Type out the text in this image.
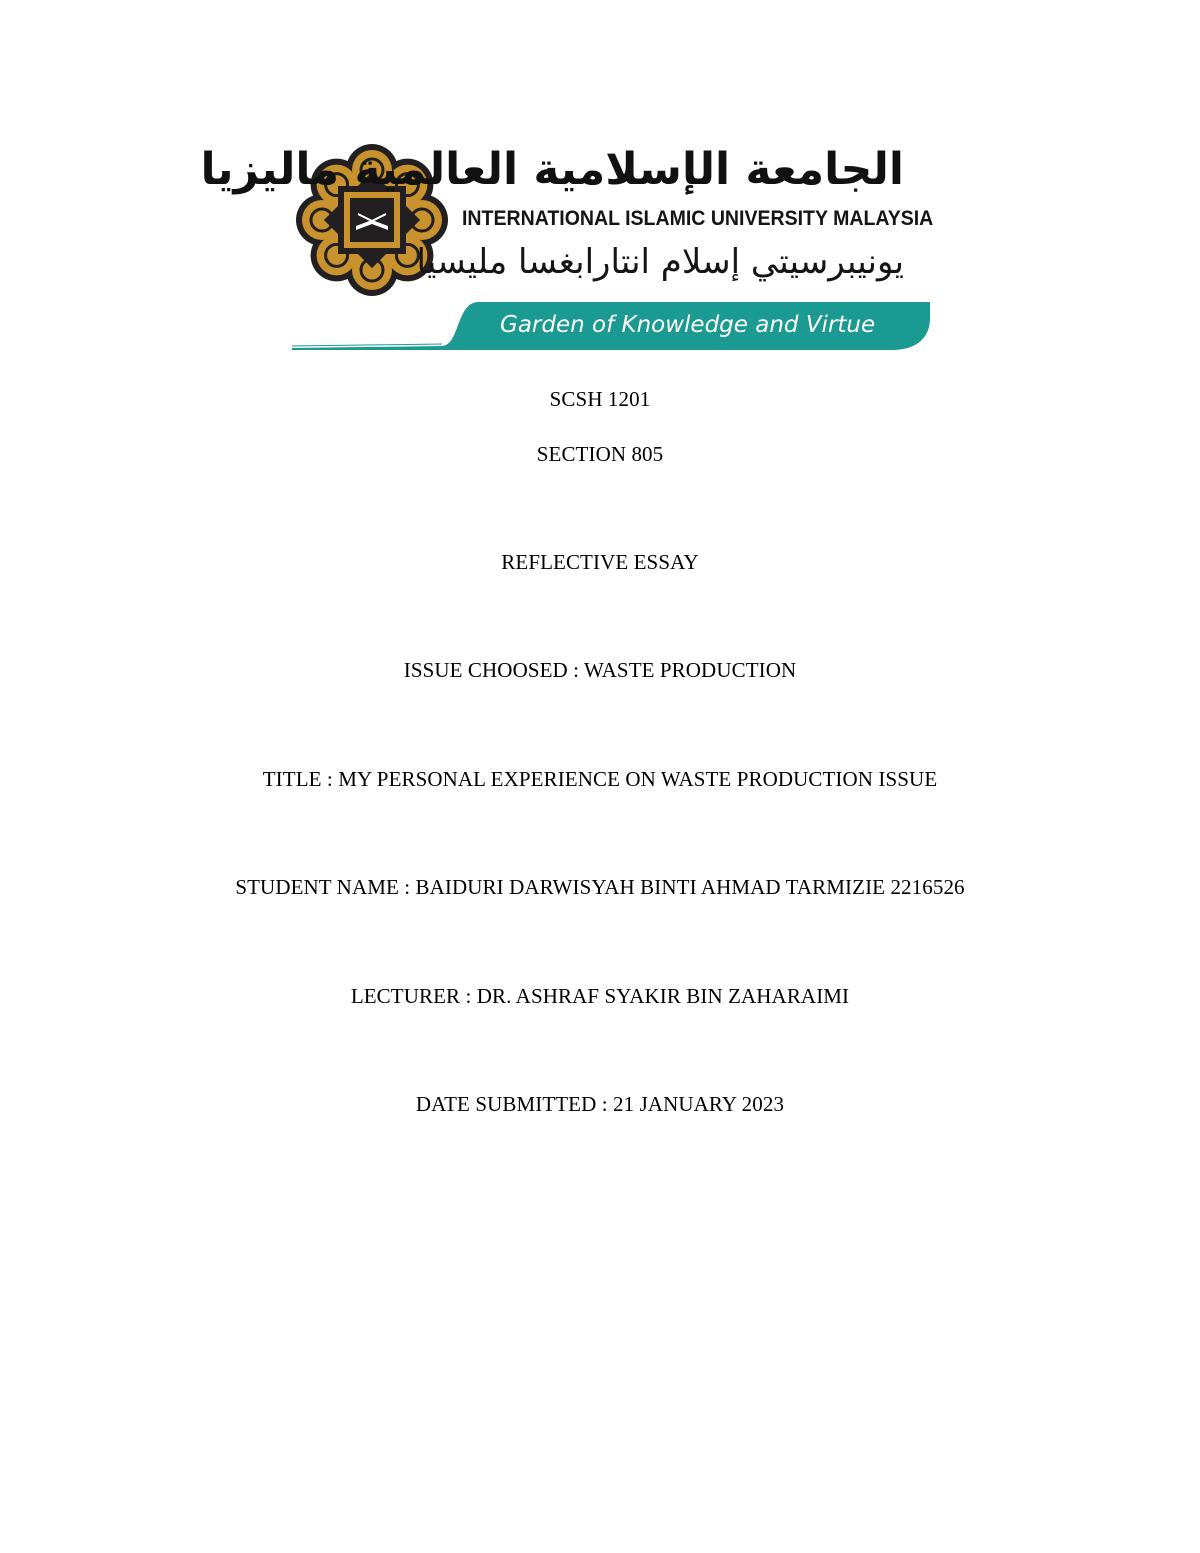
الجامعة الإسلامية العالمية ماليزيا
INTERNATIONAL ISLAMIC UNIVERSITY MALAYSIA
يونيبرسيتي إسلام انتارابغسا مليسيا
Garden of Knowledge and Virtue
SCSH 1201
SECTION 805
REFLECTIVE ESSAY
ISSUE CHOOSED : WASTE PRODUCTION
TITLE : MY PERSONAL EXPERIENCE ON WASTE PRODUCTION ISSUE
STUDENT NAME : BAIDURI DARWISYAH BINTI AHMAD TARMIZIE 2216526
LECTURER : DR. ASHRAF SYAKIR BIN ZAHARAIMI
DATE SUBMITTED : 21 JANUARY 2023
